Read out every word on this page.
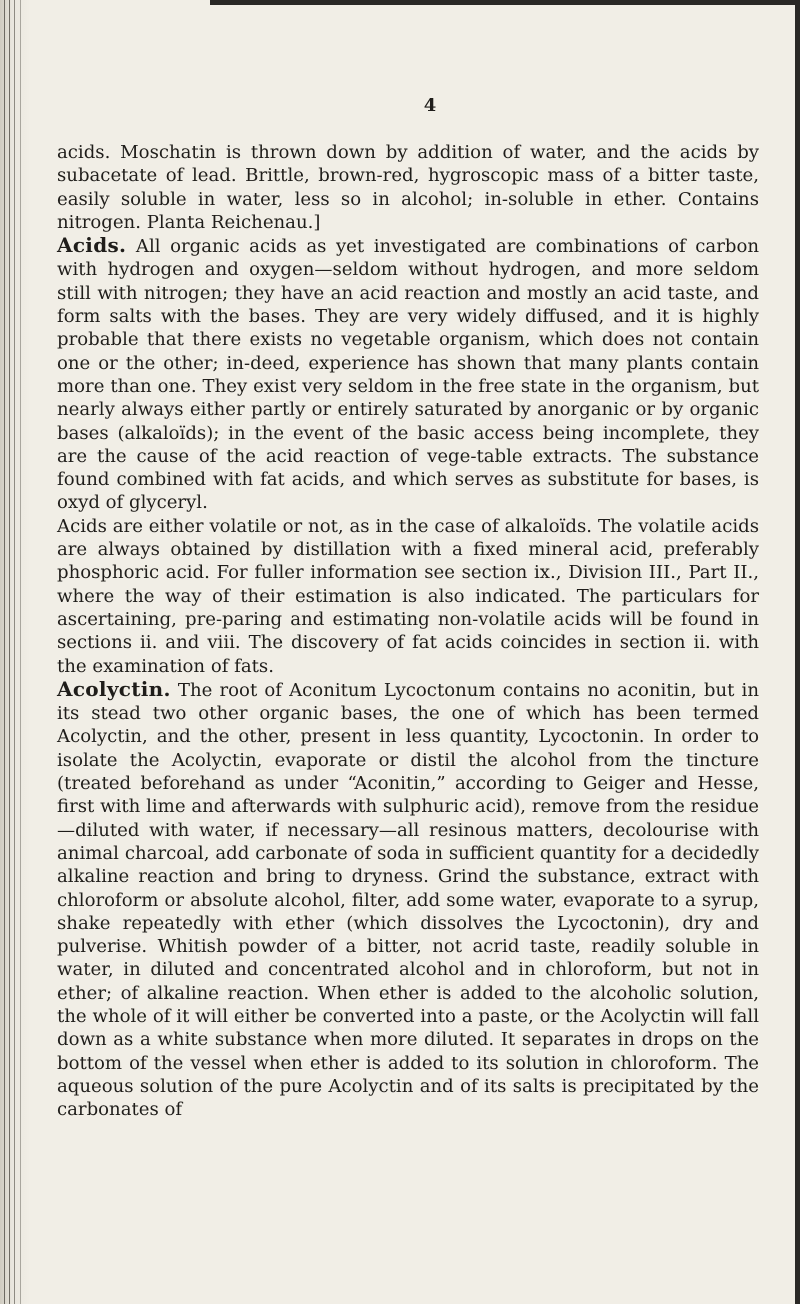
4

acids. Moschatin is thrown down by addition of water, and the acids by subacetate of lead. Brittle, brown-red, hygroscopic mass of a bitter taste, easily soluble in water, less so in alcohol; in-soluble in ether. Contains nitrogen. Planta Reichenau.]

Acids. All organic acids as yet investigated are combinations of carbon with hydrogen and oxygen—seldom without hydrogen, and more seldom still with nitrogen; they have an acid reaction and mostly an acid taste, and form salts with the bases. They are very widely diffused, and it is highly probable that there exists no vegetable organism, which does not contain one or the other; in-deed, experience has shown that many plants contain more than one. They exist very seldom in the free state in the organism, but nearly always either partly or entirely saturated by anorganic or by organic bases (alkaloïds); in the event of the basic access being incomplete, they are the cause of the acid reaction of vege-table extracts. The substance found combined with fat acids, and which serves as substitute for bases, is oxyd of glyceryl.

Acids are either volatile or not, as in the case of alkaloïds. The volatile acids are always obtained by distillation with a fixed mineral acid, preferably phosphoric acid. For fuller information see section ix., Division III., Part II., where the way of their estimation is also indicated. The particulars for ascertaining, pre-paring and estimating non-volatile acids will be found in sections ii. and viii. The discovery of fat acids coincides in section ii. with the examination of fats.

Acolyctin. The root of Aconitum Lycoctonum contains no aconitin, but in its stead two other organic bases, the one of which has been termed Acolyctin, and the other, present in less quantity, Lycoctonin. In order to isolate the Acolyctin, evaporate or distil the alcohol from the tincture (treated beforehand as under “Aconitin,” according to Geiger and Hesse, first with lime and afterwards with sulphuric acid), remove from the residue—diluted with water, if necessary—all resinous matters, decolourise with animal charcoal, add carbonate of soda in sufficient quantity for a decidedly alkaline reaction and bring to dryness. Grind the substance, extract with chloroform or absolute alcohol, filter, add some water, evaporate to a syrup, shake repeatedly with ether (which dissolves the Lycoctonin), dry and pulverise. Whitish powder of a bitter, not acrid taste, readily soluble in water, in diluted and concentrated alcohol and in chloroform, but not in ether; of alkaline reaction. When ether is added to the alcoholic solution, the whole of it will either be converted into a paste, or the Acolyctin will fall down as a white substance when more diluted. It separates in drops on the bottom of the vessel when ether is added to its solution in chloroform. The aqueous solution of the pure Acolyctin and of its salts is precipitated by the carbonates of
